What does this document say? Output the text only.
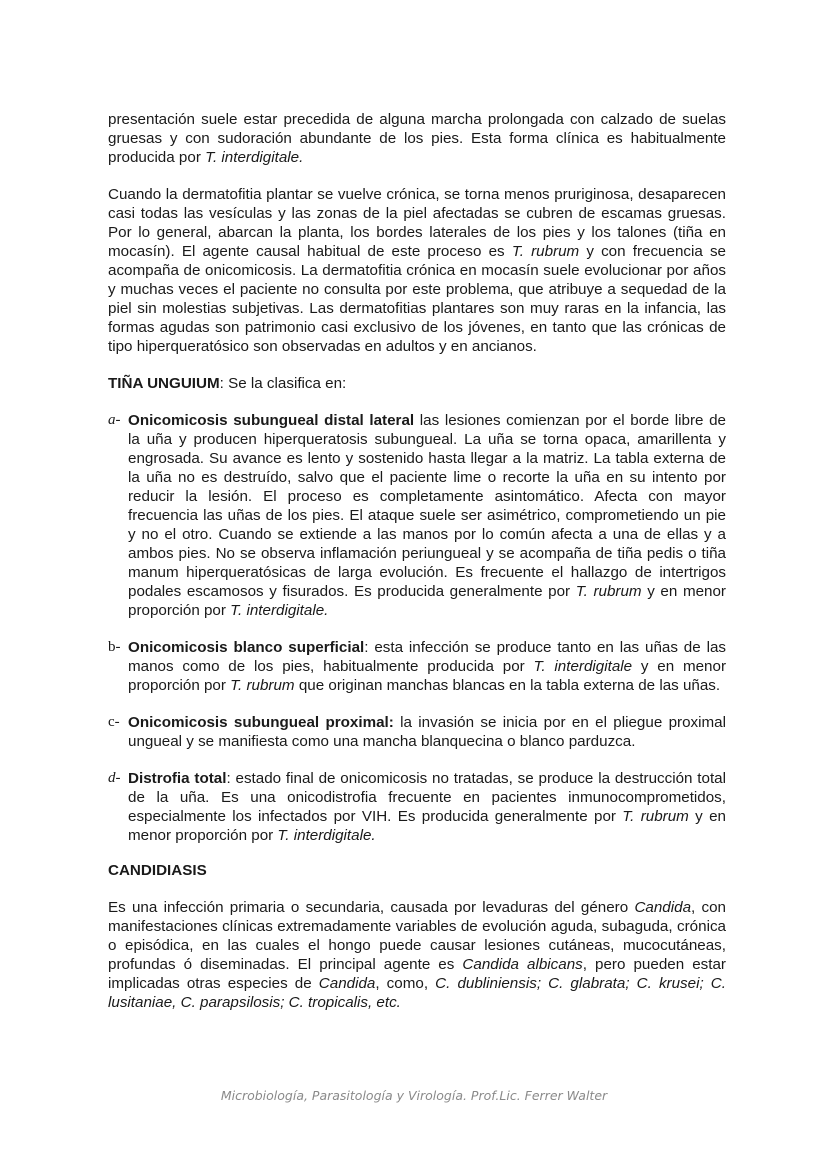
presentación suele estar precedida de alguna marcha prolongada con calzado de suelas gruesas y con sudoración abundante de los pies. Esta forma clínica es habitualmente producida por T. interdigitale.

Cuando la dermatofitia plantar se vuelve crónica, se torna menos pruriginosa, desaparecen casi todas las vesículas y las zonas de la piel afectadas se cubren de escamas gruesas. Por lo general, abarcan la planta, los bordes laterales de los pies y los talones (tiña en mocasín). El agente causal habitual de este proceso es T. rubrum y con frecuencia se acompaña de onicomicosis. La dermatofitia crónica en mocasín suele evolucionar por años y muchas veces el paciente no consulta por este problema, que atribuye a sequedad de la piel sin molestias subjetivas. Las dermatofitias plantares son muy raras en la infancia, las formas agudas son patrimonio casi exclusivo de los jóvenes, en tanto que las crónicas de tipo hiperqueratósico son observadas en adultos y en ancianos.

TIÑA UNGUIUM: Se la clasifica en:

a- Onicomicosis subungueal distal lateral las lesiones comienzan por el borde libre de la uña y producen hiperqueratosis subungueal. La uña se torna opaca, amarillenta y engrosada. Su avance es lento y sostenido hasta llegar a la matriz. La tabla externa de la uña no es destruído, salvo que el paciente lime o recorte la uña en su intento por reducir la lesión. El proceso es completamente asintomático. Afecta con mayor frecuencia las uñas de los pies. El ataque suele ser asimétrico, comprometiendo un pie y no el otro. Cuando se extiende a las manos por lo común afecta a una de ellas y a ambos pies. No se observa inflamación periungueal y se acompaña de tiña pedis o tiña manum hiperqueratósicas de larga evolución. Es frecuente el hallazgo de intertrigos podales escamosos y fisurados. Es producida generalmente por T. rubrum y en menor proporción por T. interdigitale.
b- Onicomicosis blanco superficial: esta infección se produce tanto en las uñas de las manos como de los pies, habitualmente producida por T. interdigitale y en menor proporción por T. rubrum que originan manchas blancas en la tabla externa de las uñas.
c- Onicomicosis subungueal proximal: la invasión se inicia por en el pliegue proximal ungueal y se manifiesta como una mancha blanquecina o blanco parduzca.
d- Distrofia total: estado final de onicomicosis no tratadas, se produce la destrucción total de la uña. Es una onicodistrofia frecuente en pacientes inmunocomprometidos, especialmente los infectados por VIH. Es producida generalmente por T. rubrum y en menor proporción por T. interdigitale.

CANDIDIASIS

Es una infección primaria o secundaria, causada por levaduras del género Candida, con manifestaciones clínicas extremadamente variables de evolución aguda, subaguda, crónica o episódica, en las cuales el hongo puede causar lesiones cutáneas, mucocutáneas, profundas ó diseminadas. El principal agente es Candida albicans, pero pueden estar implicadas otras especies de Candida, como, C. dubliniensis; C. glabrata; C. krusei; C. lusitaniae, C. parapsilosis; C. tropicalis, etc.

Microbiología, Parasitología y Virología. Prof.Lic. Ferrer Walter
